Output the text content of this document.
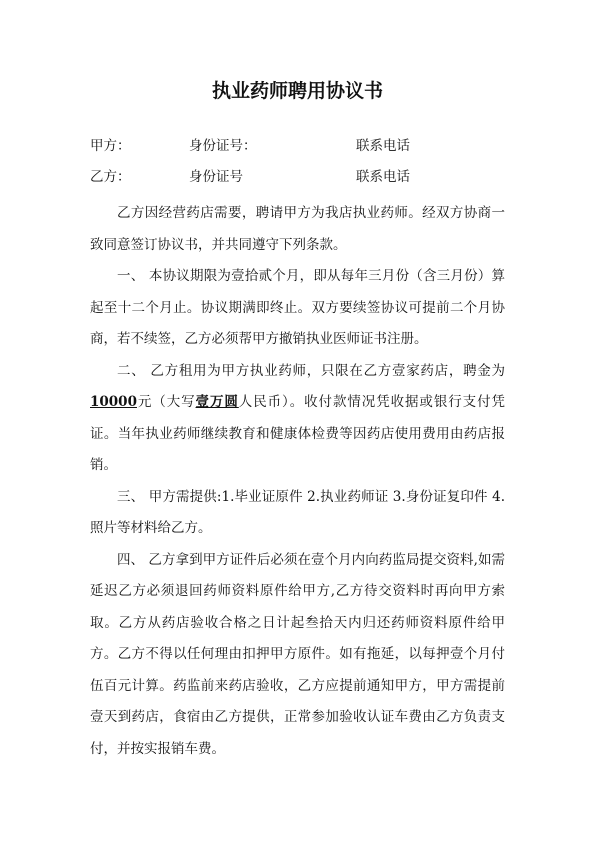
执业药师聘用协议书
甲方：	身份证号：	联系电话
乙方：	身份证号	联系电话

乙方因经营药店需要，聘请甲方为我店执业药师。经双方协商一致同意签订协议书，并共同遵守下列条款。

一、 本协议期限为壹拾贰个月，即从每年三月份（含三月份）算起至十二个月止。协议期满即终止。双方要续签协议可提前二个月协商，若不续签，乙方必须帮甲方撤销执业医师证书注册。

二、 乙方租用为甲方执业药师，只限在乙方壹家药店，聘金为10000元（大写壹万圆人民币）。收付款情况凭收据或银行支付凭证。当年执业药师继续教育和健康体检费等因药店使用费用由药店报销。

三、 甲方需提供:1.毕业证原件 2.执业药师证 3.身份证复印件 4.照片等材料给乙方。

四、 乙方拿到甲方证件后必须在壹个月内向药监局提交资料,如需延迟乙方必须退回药师资料原件给甲方,乙方待交资料时再向甲方索取。乙方从药店验收合格之日计起叁拾天内归还药师资料原件给甲方。乙方不得以任何理由扣押甲方原件。如有拖延，以每押壹个月付伍百元计算。药监前来药店验收，乙方应提前通知甲方，甲方需提前壹天到药店，食宿由乙方提供，正常参加验收认证车费由乙方负责支付，并按实报销车费。
